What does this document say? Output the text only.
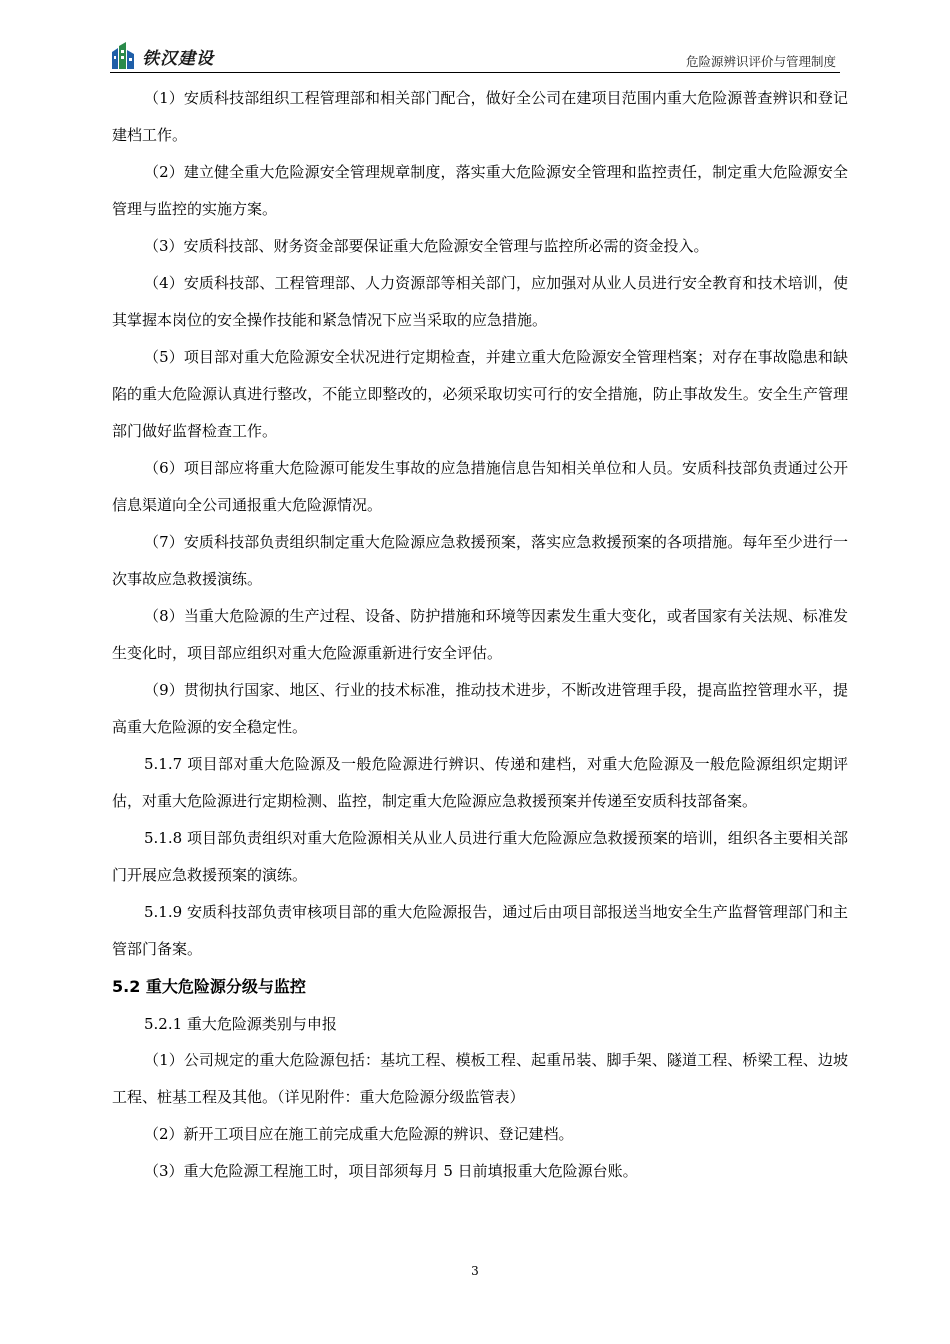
铁汉建设	危险源辨识评价与管理制度

（1）安质科技部组织工程管理部和相关部门配合，做好全公司在建项目范围内重大危险源普查辨识和登记建档工作。

（2）建立健全重大危险源安全管理规章制度，落实重大危险源安全管理和监控责任，制定重大危险源安全管理与监控的实施方案。

（3）安质科技部、财务资金部要保证重大危险源安全管理与监控所必需的资金投入。

（4）安质科技部、工程管理部、人力资源部等相关部门，应加强对从业人员进行安全教育和技术培训，使其掌握本岗位的安全操作技能和紧急情况下应当采取的应急措施。

（5）项目部对重大危险源安全状况进行定期检查，并建立重大危险源安全管理档案；对存在事故隐患和缺陷的重大危险源认真进行整改，不能立即整改的，必须采取切实可行的安全措施，防止事故发生。安全生产管理部门做好监督检查工作。

（6）项目部应将重大危险源可能发生事故的应急措施信息告知相关单位和人员。安质科技部负责通过公开信息渠道向全公司通报重大危险源情况。

（7）安质科技部负责组织制定重大危险源应急救援预案，落实应急救援预案的各项措施。每年至少进行一次事故应急救援演练。

（8）当重大危险源的生产过程、设备、防护措施和环境等因素发生重大变化，或者国家有关法规、标准发生变化时，项目部应组织对重大危险源重新进行安全评估。

（9）贯彻执行国家、地区、行业的技术标准，推动技术进步，不断改进管理手段，提高监控管理水平，提高重大危险源的安全稳定性。

5.1.7 项目部对重大危险源及一般危险源进行辨识、传递和建档，对重大危险源及一般危险源组织定期评估，对重大危险源进行定期检测、监控，制定重大危险源应急救援预案并传递至安质科技部备案。

5.1.8 项目部负责组织对重大危险源相关从业人员进行重大危险源应急救援预案的培训，组织各主要相关部门开展应急救援预案的演练。

5.1.9 安质科技部负责审核项目部的重大危险源报告，通过后由项目部报送当地安全生产监督管理部门和主管部门备案。

5.2 重大危险源分级与监控

5.2.1 重大危险源类别与申报

（1）公司规定的重大危险源包括：基坑工程、模板工程、起重吊装、脚手架、隧道工程、桥梁工程、边坡工程、桩基工程及其他。（详见附件：重大危险源分级监管表）

（2）新开工项目应在施工前完成重大危险源的辨识、登记建档。

（3）重大危险源工程施工时，项目部须每月 5 日前填报重大危险源台账。

3
